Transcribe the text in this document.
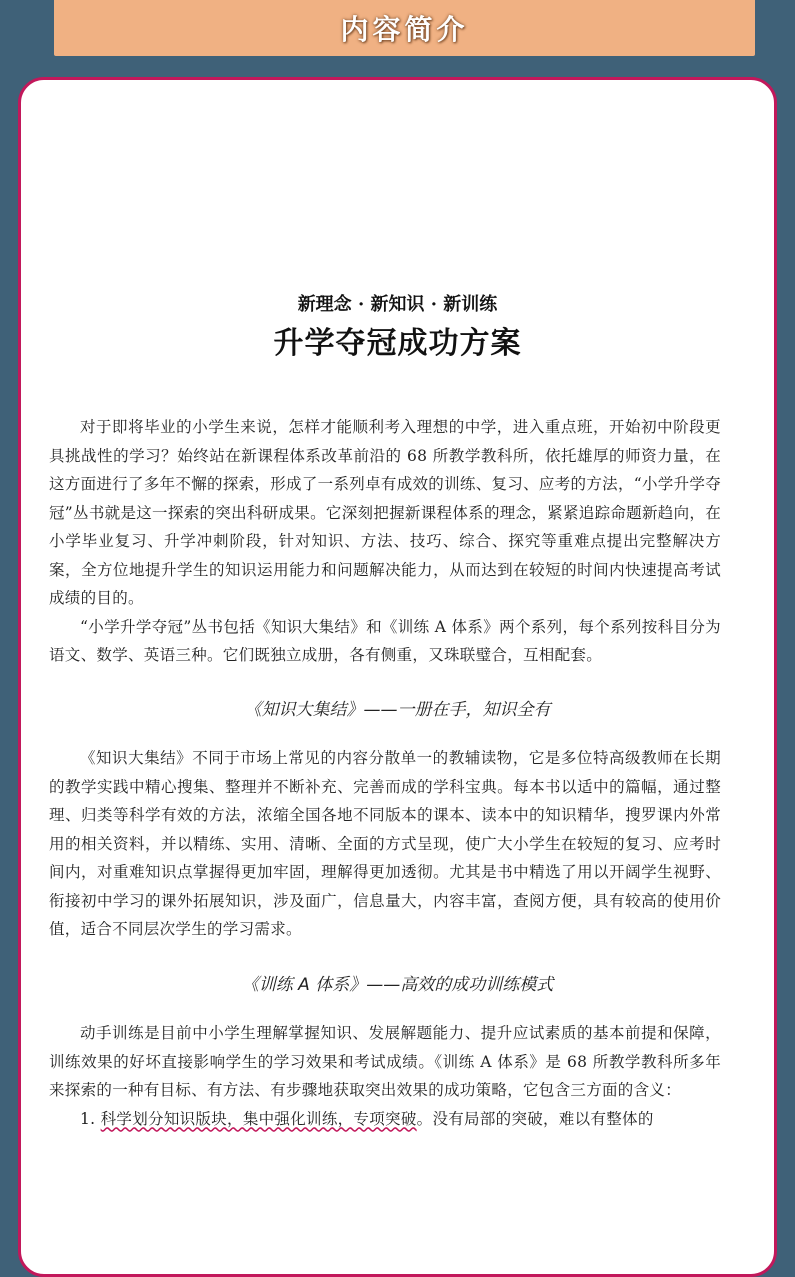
内容简介
新理念 · 新知识 · 新训练
升学夺冠成功方案

对于即将毕业的小学生来说，怎样才能顺利考入理想的中学，进入重点班，开始初中阶段更具挑战性的学习？始终站在新课程体系改革前沿的 68 所教学教科所，依托雄厚的师资力量，在这方面进行了多年不懈的探索，形成了一系列卓有成效的训练、复习、应考的方法，“小学升学夺冠”丛书就是这一探索的突出科研成果。它深刻把握新课程体系的理念，紧紧追踪命题新趋向，在小学毕业复习、升学冲刺阶段，针对知识、方法、技巧、综合、探究等重难点提出完整解决方案，全方位地提升学生的知识运用能力和问题解决能力，从而达到在较短的时间内快速提高考试成绩的目的。

“小学升学夺冠”丛书包括《知识大集结》和《训练 A 体系》两个系列，每个系列按科目分为语文、数学、英语三种。它们既独立成册，各有侧重，又珠联璧合，互相配套。

《知识大集结》——一册在手，知识全有

《知识大集结》不同于市场上常见的内容分散单一的教辅读物，它是多位特高级教师在长期的教学实践中精心搜集、整理并不断补充、完善而成的学科宝典。每本书以适中的篇幅，通过整理、归类等科学有效的方法，浓缩全国各地不同版本的课本、读本中的知识精华，搜罗课内外常用的相关资料，并以精练、实用、清晰、全面的方式呈现，使广大小学生在较短的复习、应考时间内，对重难知识点掌握得更加牢固，理解得更加透彻。尤其是书中精选了用以开阔学生视野、衔接初中学习的课外拓展知识，涉及面广，信息量大，内容丰富，查阅方便，具有较高的使用价值，适合不同层次学生的学习需求。

《训练 A 体系》——高效的成功训练模式

动手训练是目前中小学生理解掌握知识、发展解题能力、提升应试素质的基本前提和保障，训练效果的好坏直接影响学生的学习效果和考试成绩。《训练 A 体系》是 68 所教学教科所多年来探索的一种有目标、有方法、有步骤地获取突出效果的成功策略，它包含三方面的含义：

1. 科学划分知识版块，集中强化训练，专项突破。没有局部的突破，难以有整体的
